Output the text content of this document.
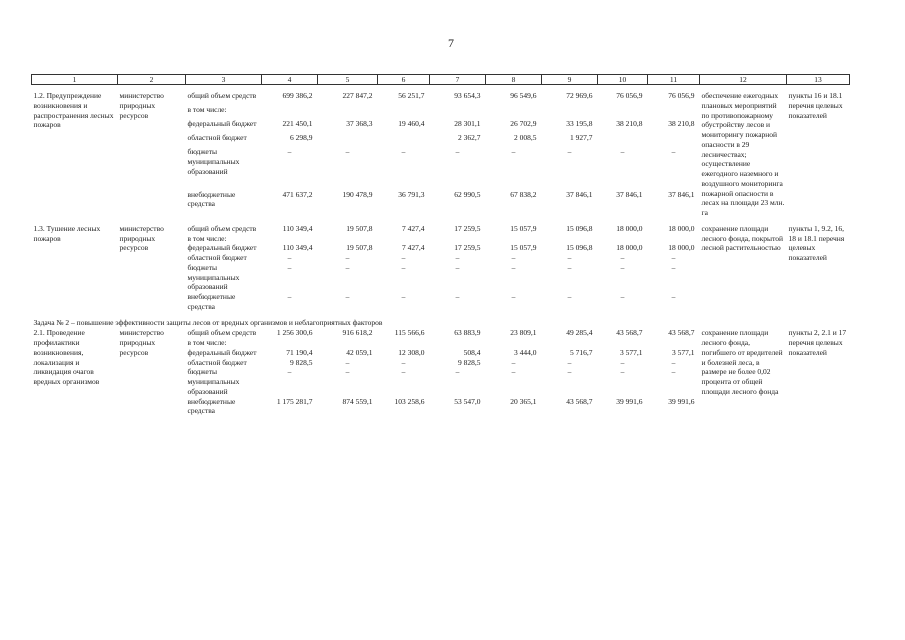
7
1	2	3	4	5	6	7	8	9	10	11	12	13

1.2. Предупреждение возникновения и распространения лесных пожаров	министерство природных ресурсов	общий объем средств	699 386,2	227 847,2	56 251,7	93 654,3	96 549,6	72 969,6	76 056,9	76 056,9	обеспечение ежегодных плановых мероприятий по противопожарному обустройству лесов и мониторингу пожарной опасности в 29 лесничествах; осуществление ежегодного наземного и воздушного мониторинга пожарной опасности в лесах на площади 23 млн. га	пункты 16 и 18.1 перечня целевых показателей
		в том числе:										
		федеральный бюджет	221 450,1	37 368,3	19 460,4	28 301,1	26 702,9	33 195,8	38 210,8	38 210,8		
		областной бюджет	6 298,9			2 362,7	2 008,5	1 927,7				
		бюджеты муниципальных образований	–	–	–	–	–	–	–	–		
		внебюджетные средства	471 637,2	190 478,9	36 791,3	62 990,5	67 838,2	37 846,1	37 846,1	37 846,1		

1.3. Тушение лесных пожаров	министерство природных ресурсов	общий объем средств	110 349,4	19 507,8	7 427,4	17 259,5	15 057,9	15 096,8	18 000,0	18 000,0	сохранение площади лесного фонда, покрытой лесной растительностью	пункты 1, 9.2, 16, 18 и 18.1 перечня целевых показателей
		в том числе:										
		федеральный бюджет	110 349,4	19 507,8	7 427,4	17 259,5	15 057,9	15 096,8	18 000,0	18 000,0		
		областной бюджет	–	–	–	–	–	–	–	–		
		бюджеты муниципальных образований	–	–	–	–	–	–	–	–		
		внебюджетные средства	–	–	–	–	–	–	–	–		
Задача № 2 – повышение эффективности защиты лесов от вредных организмов и неблагоприятных факторов												
2.1. Проведение профилактики возникновения, локализация и ликвидация очагов вредных организмов	министерство природных ресурсов	общий объем средств	1 256 300,6	916 618,2	115 566,6	63 883,9	23 809,1	49 285,4	43 568,7	43 568,7	сохранение площади лесного фонда, погибшего от вредителей и болезней леса, в размере не более 0,02 процента от общей площади лесного фонда	пункты 2, 2.1 и 17 перечня целевых показателей
		в том числе:										
		федеральный бюджет	71 190,4	42 059,1	12 308,0	508,4	3 444,0	5 716,7	3 577,1	3 577,1		
		областной бюджет	9 828,5	–	–	9 828,5	–	–	–	–		
		бюджеты муниципальных образований	–	–	–	–	–	–	–	–		
		внебюджетные средства	1 175 281,7	874 559,1	103 258,6	53 547,0	20 365,1	43 568,7	39 991,6	39 991,6		
